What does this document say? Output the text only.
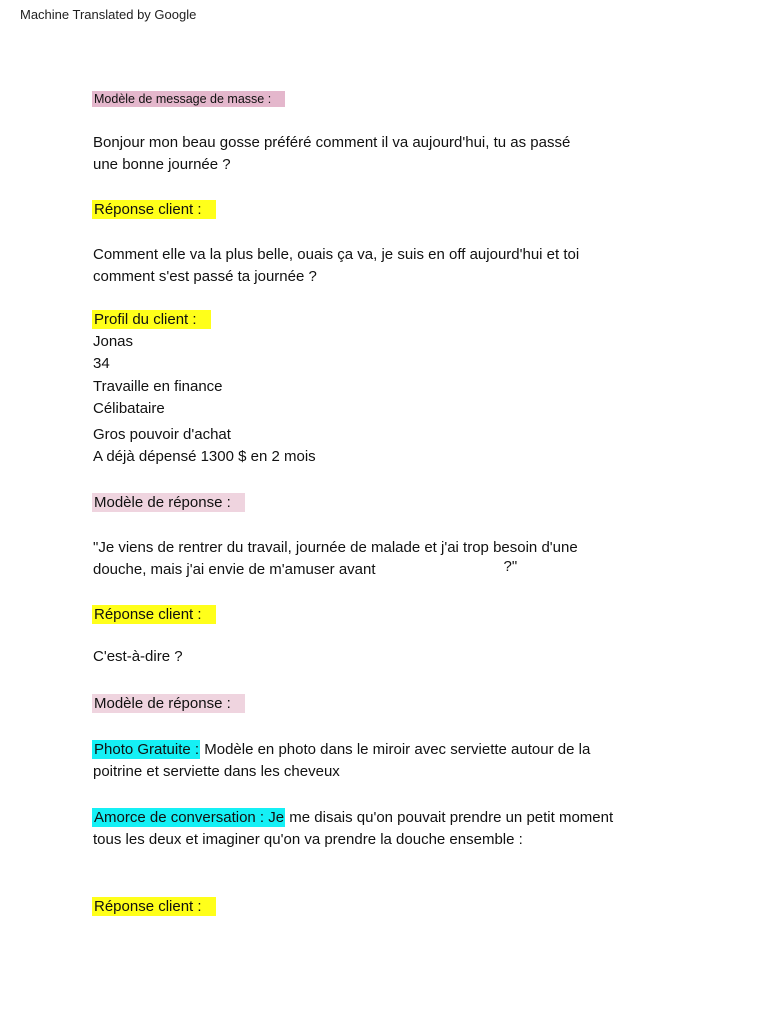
Machine Translated by Google
Modèle de message de masse :
Bonjour mon beau gosse préféré comment il va aujourd'hui, tu as passé
une bonne journée ?
Réponse client :
Comment elle va la plus belle, ouais ça va, je suis en off aujourd'hui et toi
comment s'est passé ta journée ?
Profil du client :
Jonas
34
Travaille en finance
Célibataire
Gros pouvoir d'achat
A déjà dépensé 1300 $ en 2 mois
Modèle de réponse :
"Je viens de rentrer du travail, journée de malade et j'ai trop besoin d'une
douche, mais j'ai envie de m'amuser avant	?"
Réponse client :
C'est-à-dire ?
Modèle de réponse :
Photo Gratuite : Modèle en photo dans le miroir avec serviette autour de la
poitrine et serviette dans les cheveux
Amorce de conversation : Je me disais qu'on pouvait prendre un petit moment
tous les deux et imaginer qu'on va prendre la douche ensemble :
Réponse client :
